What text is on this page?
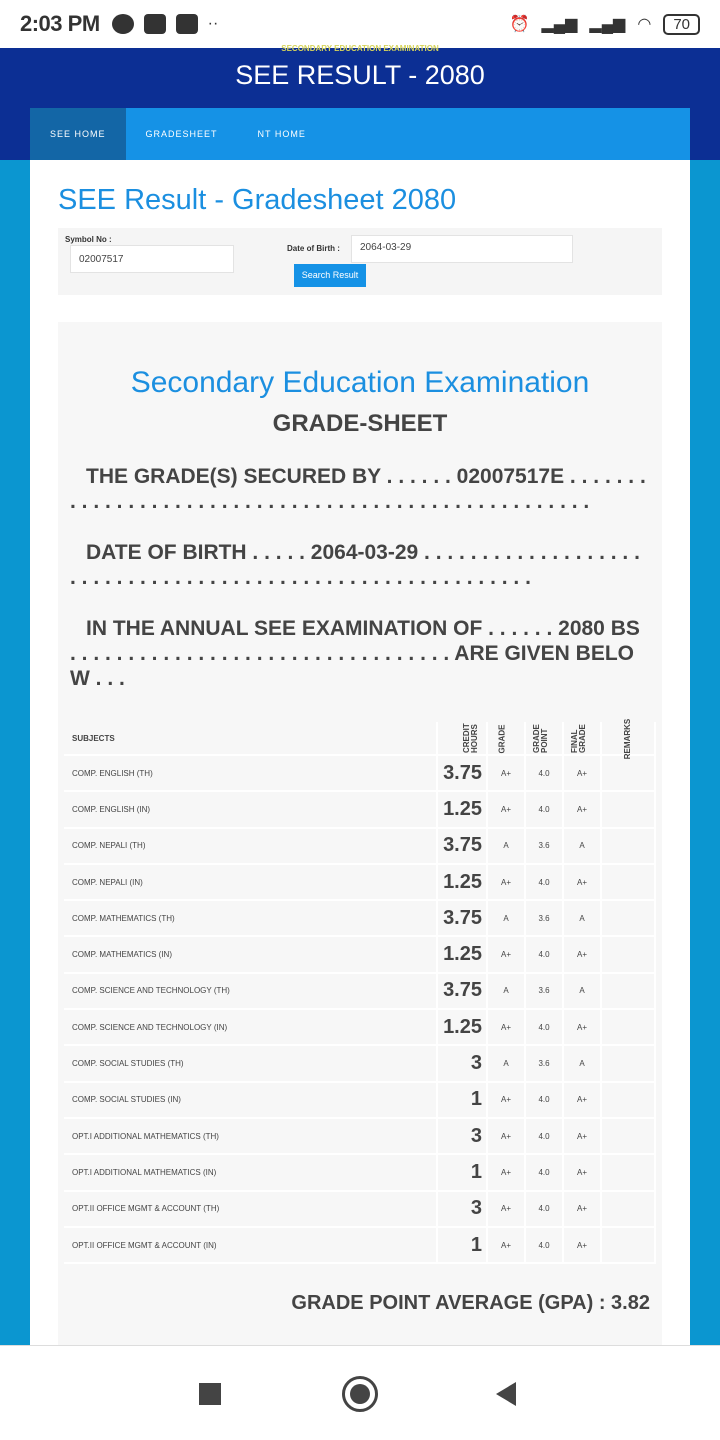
2:03 PM	··	⏰ ▂▄▆ ▂▄▆ ◠	70
SECONDARY EDUCATION EXAMINATION
SEE RESULT - 2080
SEE HOME	GRADESHEET	NT HOME
SEE Result - Gradesheet 2080
Symbol No :
02007517
Date of Birth :	2064-03-29
Search Result
Secondary Education Examination
GRADE-SHEET
THE GRADE(S) SECURED BY . . . . . . 02007517E . . . . . . . . . . . . . . . . . . . . . . . . . . . . . . . . . . . . . . . . . . . . . . . . . . . .
DATE OF BIRTH . . . . . 2064-03-29 . . . . . . . . . . . . . . . . . . . . . . . . . . . . . . . . . . . . . . . . . . . . . . . . . . . . . . . . . . .
IN THE ANNUAL SEE EXAMINATION OF . . . . . . 2080 BS . . . . . . . . . . . . . . . . . . . . . . . . . . . . . . . . . ARE GIVEN BELOW . . .
SUBJECTS	CREDIT HOURS	GRADE	GRADE POINT	FINAL GRADE	REMARKS
COMP. ENGLISH (TH)	3.75	A+	4.0	A+	
COMP. ENGLISH (IN)	1.25	A+	4.0	A+	
COMP. NEPALI (TH)	3.75	A	3.6	A	
COMP. NEPALI (IN)	1.25	A+	4.0	A+	
COMP. MATHEMATICS (TH)	3.75	A	3.6	A	
COMP. MATHEMATICS (IN)	1.25	A+	4.0	A+	
COMP. SCIENCE AND TECHNOLOGY (TH)	3.75	A	3.6	A	
COMP. SCIENCE AND TECHNOLOGY (IN)	1.25	A+	4.0	A+	
COMP. SOCIAL STUDIES (TH)	3	A	3.6	A	
COMP. SOCIAL STUDIES (IN)	1	A+	4.0	A+	
OPT.I ADDITIONAL MATHEMATICS (TH)	3	A+	4.0	A+	
OPT.I ADDITIONAL MATHEMATICS (IN)	1	A+	4.0	A+	
OPT.II OFFICE MGMT & ACCOUNT (TH)	3	A+	4.0	A+	
OPT.II OFFICE MGMT & ACCOUNT (IN)	1	A+	4.0	A+	
GRADE POINT AVERAGE (GPA) : 3.82
